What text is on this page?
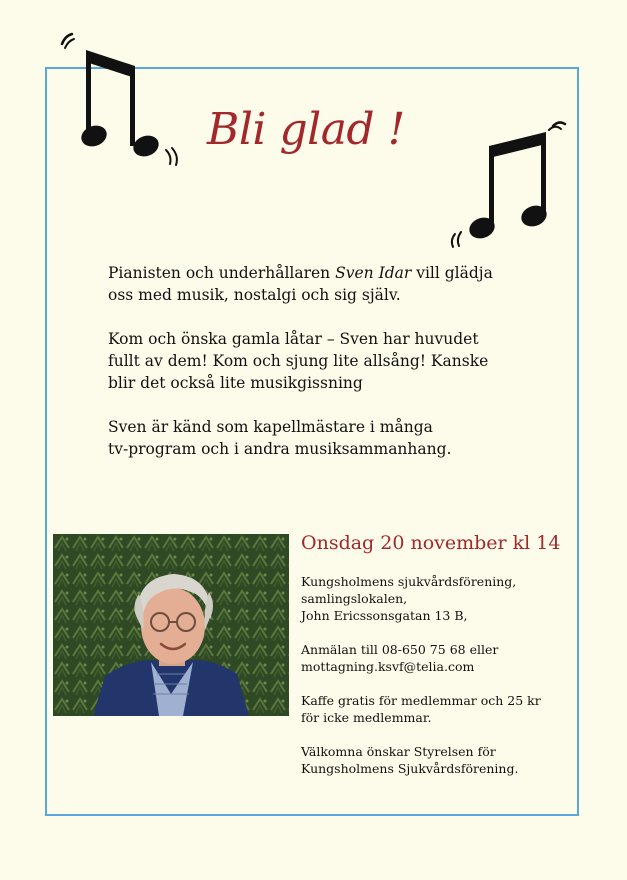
Bli glad !

Pianisten och underhållaren Sven Idar vill glädja
oss med musik, nostalgi och sig själv.

Kom och önska gamla låtar – Sven har huvudet
fullt av dem! Kom och sjung lite allsång! Kanske
blir det också lite musikgissning

Sven är känd som kapellmästare i många
tv-program och i andra musiksammanhang.

Onsdag 20 november kl 14

Kungsholmens sjukvårdsförening,
samlingslokalen,
John Ericssonsgatan 13 B,

Anmälan till 08-650 75 68 eller
mottagning.ksvf@telia.com

Kaffe gratis för medlemmar och 25 kr
för icke medlemmar.

Välkomna önskar Styrelsen för
Kungsholmens Sjukvårdsförening.
